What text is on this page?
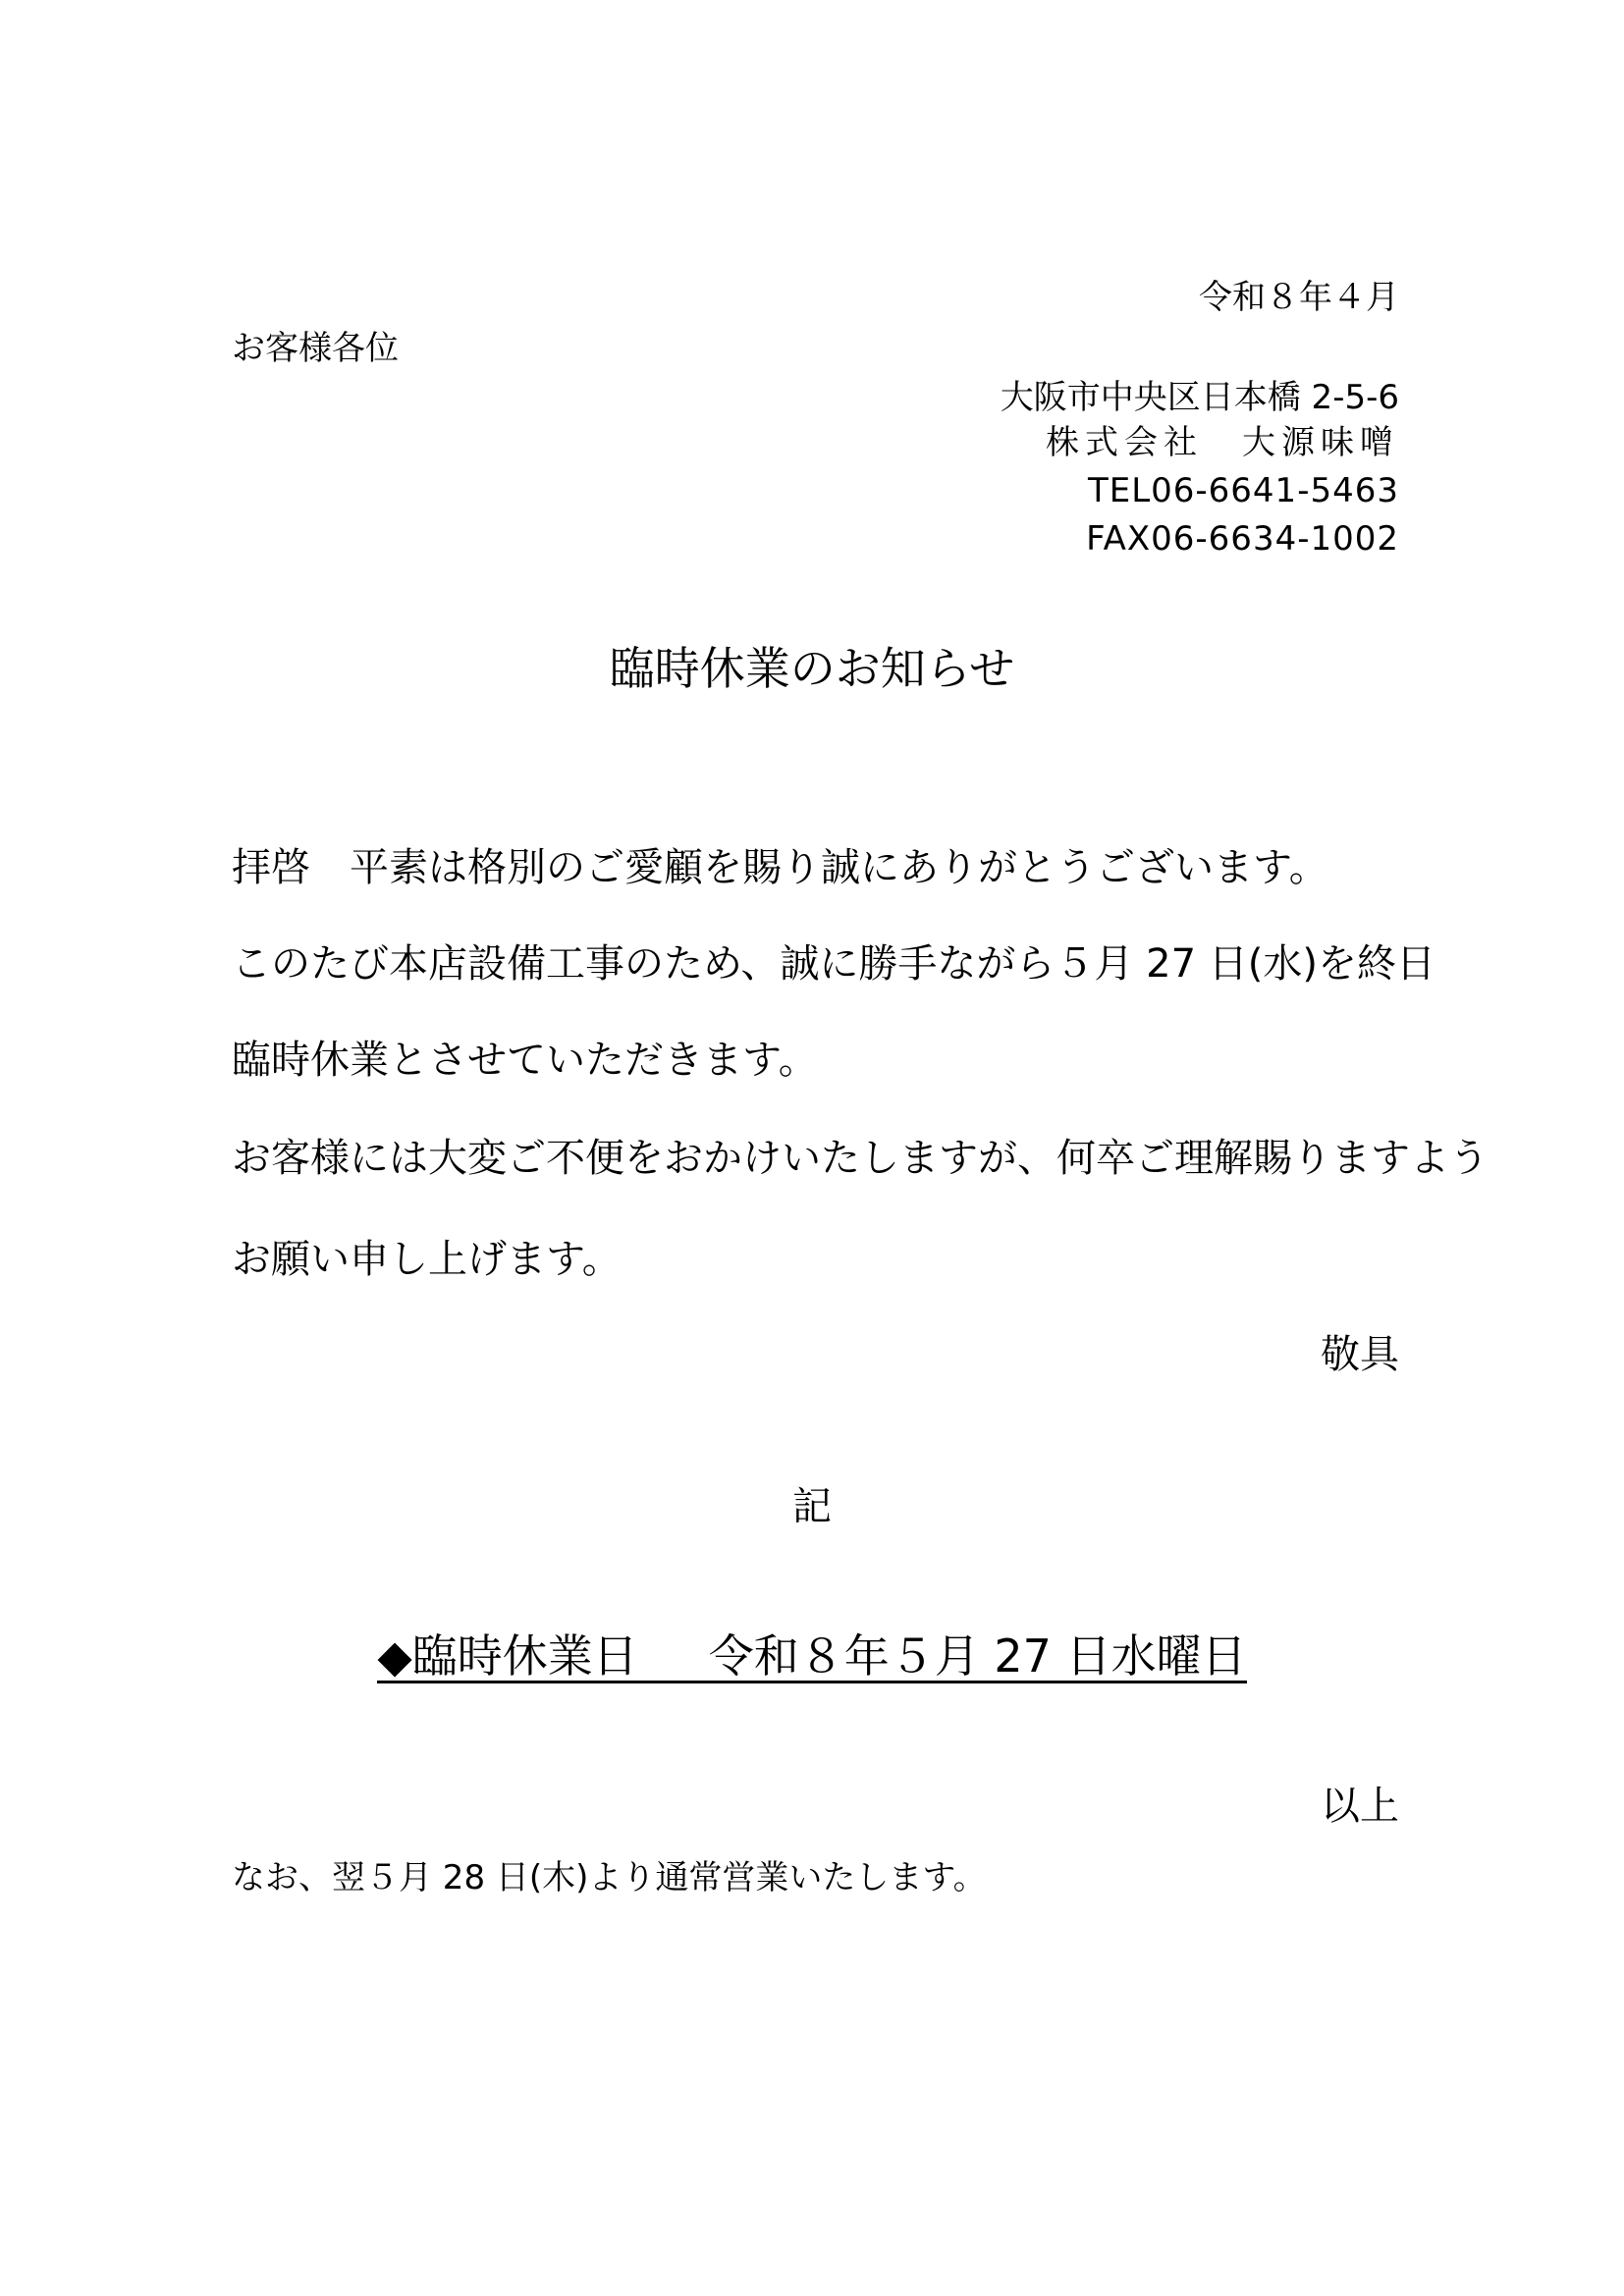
令和８年４月
お客様各位
大阪市中央区日本橋 2-5-6
株式会社　大源味噌
TEL06-6641-5463
FAX06-6634-1002
臨時休業のお知らせ
拝啓　平素は格別のご愛顧を賜り誠にありがとうございます。
このたび本店設備工事のため、誠に勝手ながら５月 27 日(水)を終日
臨時休業とさせていただきます。
お客様には大変ご不便をおかけいたしますが、何卒ご理解賜りますよう
お願い申し上げます。
敬具
記
◆臨時休業日 令和８年５月 27 日水曜日
以上
なお、翌５月 28 日(木)より通常営業いたします。
